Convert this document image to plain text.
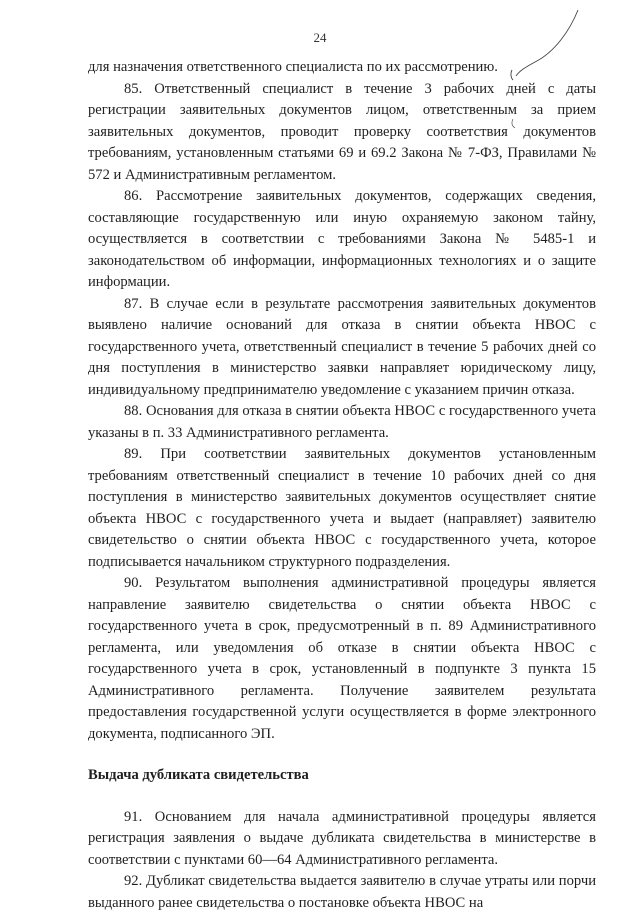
24

для назначения ответственного специалиста по их рассмотрению.

85. Ответственный специалист в течение 3 рабочих дней с даты регистрации заявительных документов лицом, ответственным за прием заявительных документов, проводит проверку соответствия документов требованиям, установленным статьями 69 и 69.2 Закона № 7-ФЗ, Правилами № 572 и Административным регламентом.

86. Рассмотрение заявительных документов, содержащих сведения, составляющие государственную или иную охраняемую законом тайну, осуществляется в соответствии с требованиями Закона № 5485-1 и законодательством об информации, информационных технологиях и о защите информации.

87. В случае если в результате рассмотрения заявительных документов выявлено наличие оснований для отказа в снятии объекта НВОС с государственного учета, ответственный специалист в течение 5 рабочих дней со дня поступления в министерство заявки направляет юридическому лицу, индивидуальному предпринимателю уведомление с указанием причин отказа.

88. Основания для отказа в снятии объекта НВОС с государственного учета указаны в п. 33 Административного регламента.

89. При соответствии заявительных документов установленным требованиям ответственный специалист в течение 10 рабочих дней со дня поступления в министерство заявительных документов осуществляет снятие объекта НВОС с государственного учета и выдает (направляет) заявителю свидетельство о снятии объекта НВОС с государственного учета, которое подписывается начальником структурного подразделения.

90. Результатом выполнения административной процедуры является направление заявителю свидетельства о снятии объекта НВОС с государственного учета в срок, предусмотренный в п. 89 Административного регламента, или уведомления об отказе в снятии объекта НВОС с государственного учета в срок, установленный в подпункте 3 пункта 15 Административного регламента. Получение заявителем результата предоставления государственной услуги осуществляется в форме электронного документа, подписанного ЭП.

Выдача дубликата свидетельства

91. Основанием для начала административной процедуры является регистрация заявления о выдаче дубликата свидетельства в министерстве в соответствии с пунктами 60—64 Административного регламента.

92. Дубликат свидетельства выдается заявителю в случае утраты или порчи выданного ранее свидетельства о постановке объекта НВОС на
